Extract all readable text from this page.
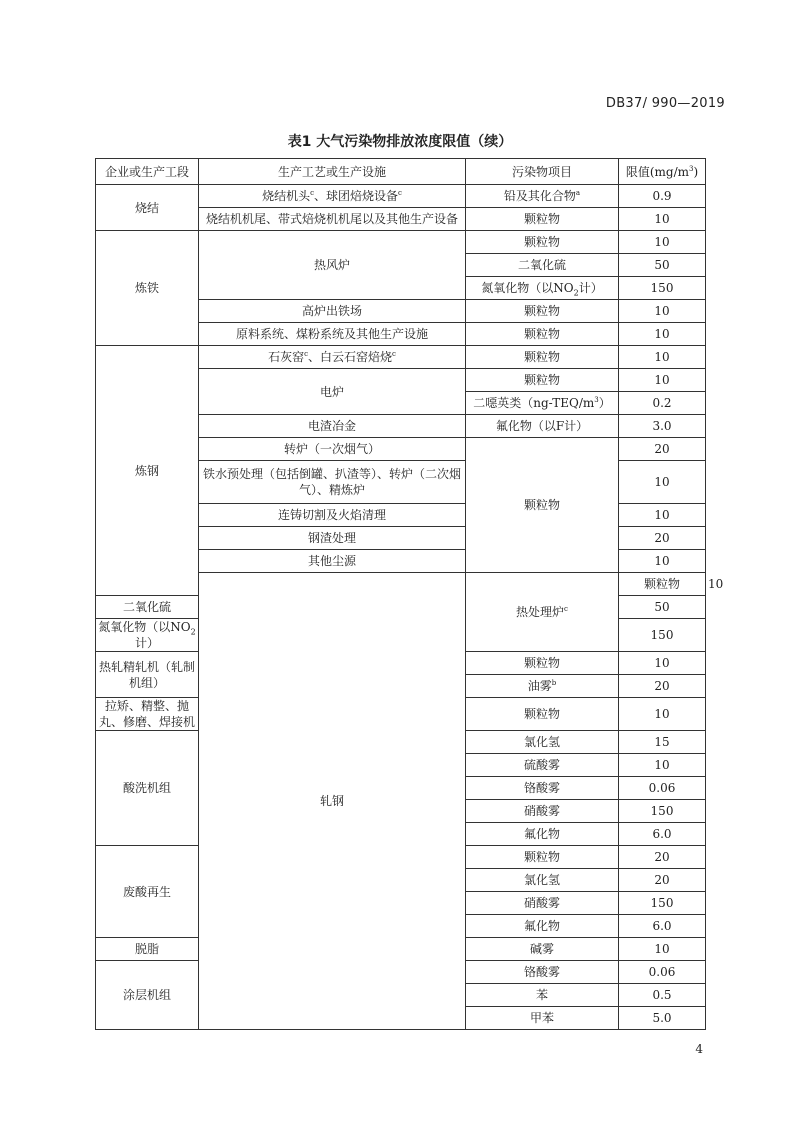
DB37/ 990—2019
表1 大气污染物排放浓度限值（续）
企业或生产工段	生产工艺或生产设施	污染物项目	限值$(mg/m^3)$	
烧结	烧结机头$^c$、球团焙烧设备$^c$	铅及其化合物$^a$	0.9	
	烧结机机尾、带式焙烧机机尾以及其他生产设备	颗粒物	10	
炼铁	热风炉	颗粒物	10	
		二氧化硫	50	
		氮氧化物（以$NO_2$计）	150	
	高炉出铁场	颗粒物	10	
	原料系统、煤粉系统及其他生产设施	颗粒物	10	
炼钢	石灰窑$^c$、白云石窑焙烧$^c$	颗粒物	10	
	电炉	颗粒物	10	
		二噁英类$(ng-TEQ/m^3)$	0.2	
	电渣冶金	氟化物（以F计）	3.0	
	转炉（一次烟气）	颗粒物	20	
	铁水预处理（包括倒罐、扒渣等）、转炉（二次烟气）、精炼炉		10	
	连铸切割及火焰清理		10	
	钢渣处理		20	
	其他尘源		10	
	轧钢	热处理炉$^c$	颗粒物	10
二氧化硫			50	
氮氧化物（以$NO_2$计）			150	
热轧精轧机（轧制机组）		颗粒物	10	
		油雾$^b$	20	
拉矫、精整、抛丸、修磨、焊接机		颗粒物	10	
酸洗机组		氯化氢	15	
		硫酸雾	10	
		铬酸雾	0.06	
		硝酸雾	150	
		氟化物	6.0	
废酸再生		颗粒物	20	
		氯化氢	20	
		硝酸雾	150	
		氟化物	6.0	
脱脂		碱雾	10	
涂层机组		铬酸雾	0.06	
		苯	0.5	
		甲苯	5.0	
4
